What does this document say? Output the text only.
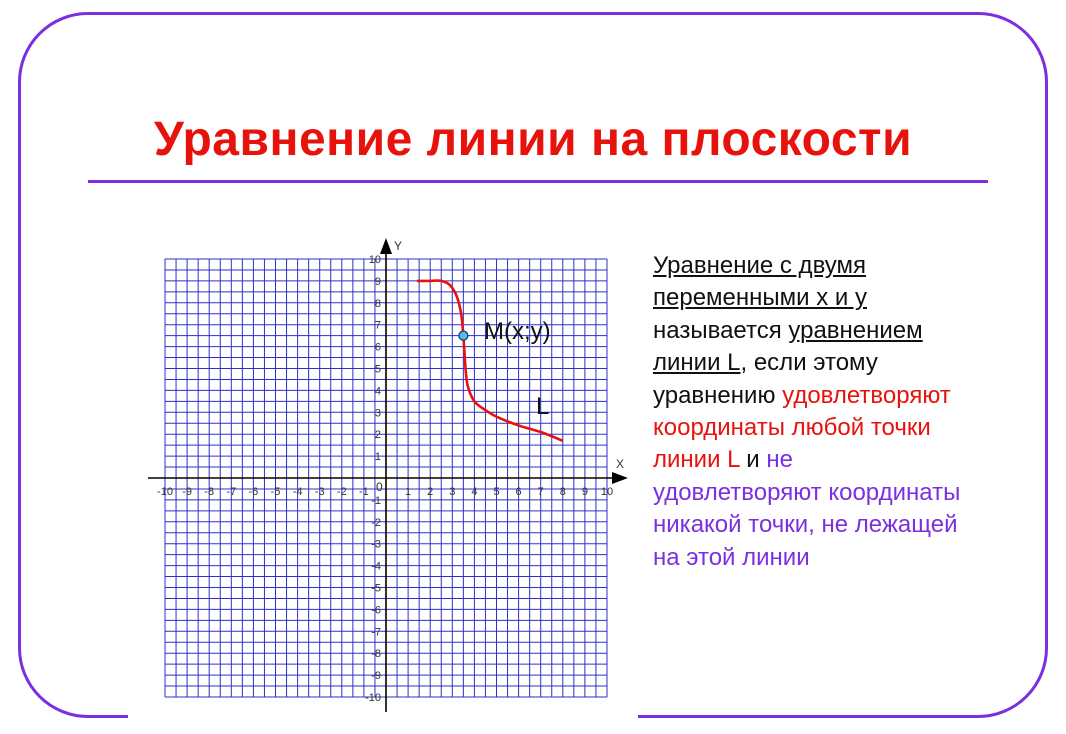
Уравнение линии на плоскости
X
Y
0
-10 -9 -8 -7 -6 -5 -4 -3 -2 -1	1 2 3 4 5 6 7 8 9 10
10
9
8
7
6
5
4
3
2
1
-1
-2
-3
-4
-5
-6
-7
-8
-9
-10
M(x;y)
L
Уравнение с двумя
переменными x и y
называется уравнением
линии L, если этому
уравнению удовлетворяют
координаты любой точки
линии L и не
удовлетворяют координаты
никакой точки, не лежащей
на этой линии
